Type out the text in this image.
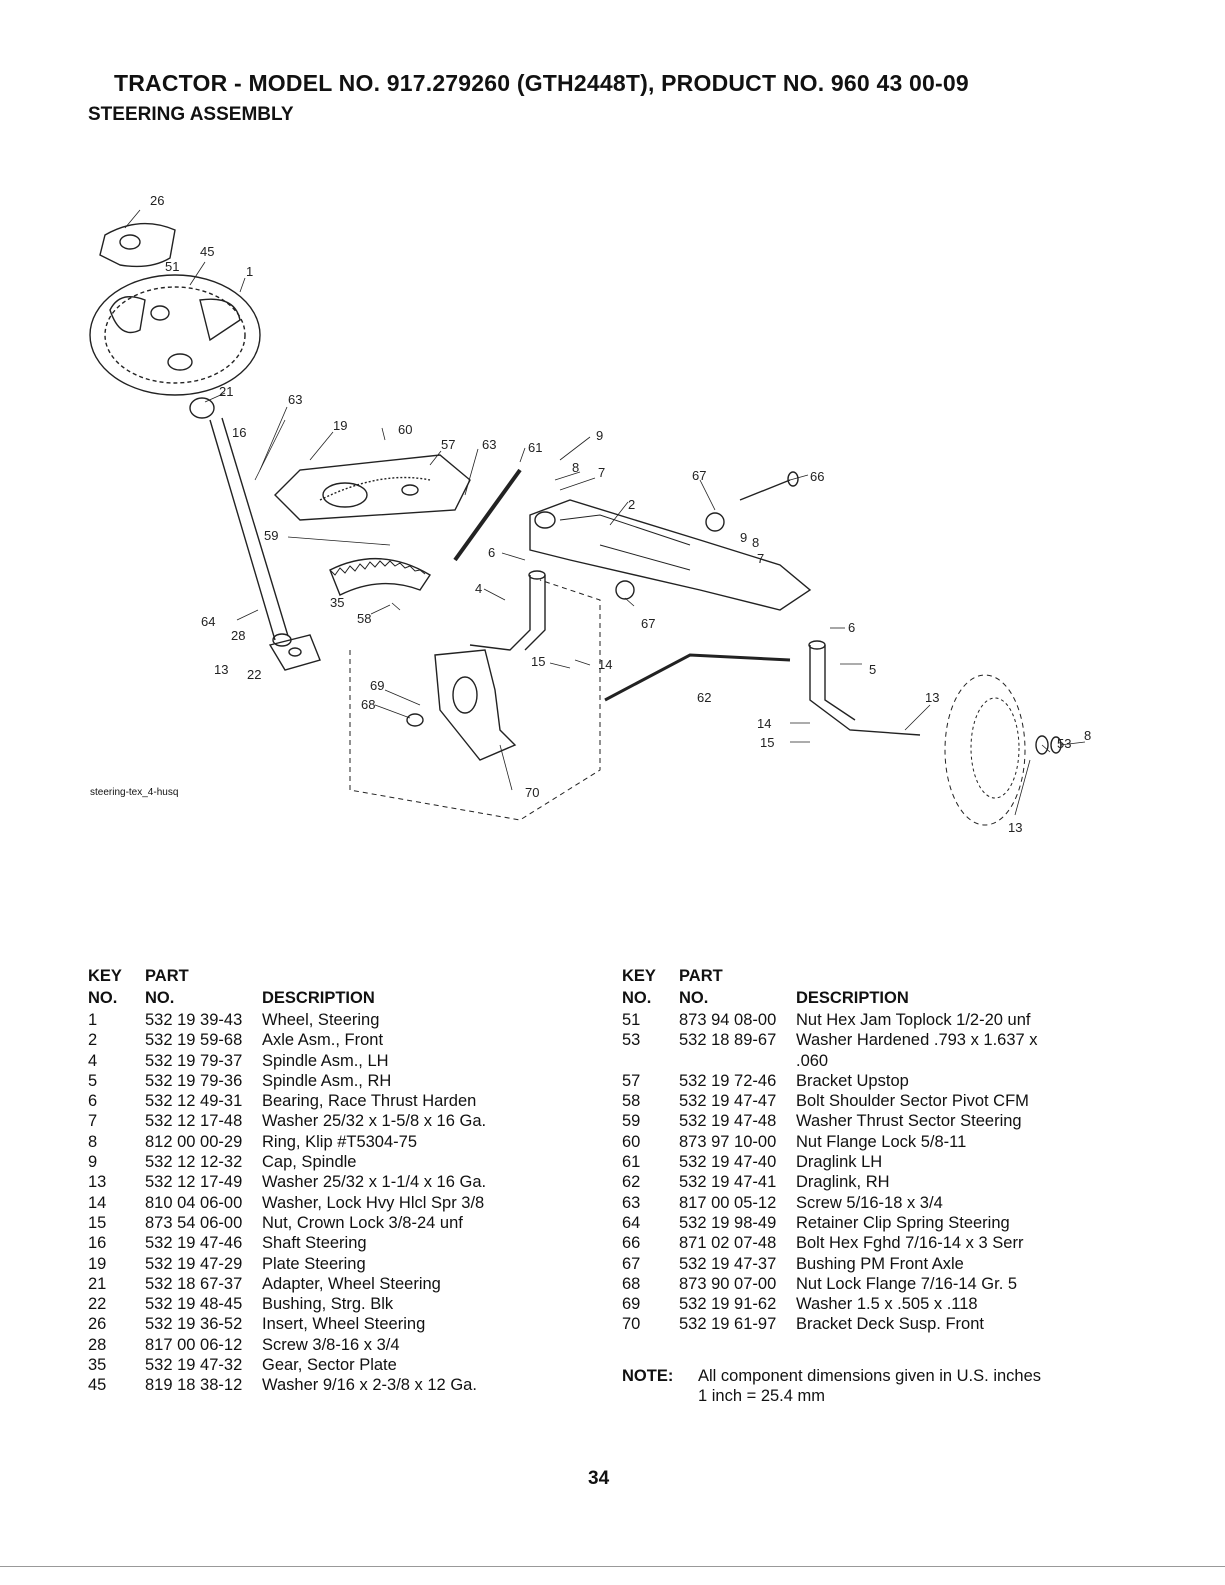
TRACTOR - MODEL NO. 917.279260 (GTH2448T), PRODUCT NO. 960 43 00-09
STEERING ASSEMBLY
26
45
51	1
21
63
16	19	60
57 63 61
9
8 7	67	66
2
9 8
7
59
6
4
67	6
35
58
64
28
13 22
15	14	5
62
69
68
70
13
14
15	53
8
13
steering-tex_4-husq
KEY PART
NO. NO.	DESCRIPTION
1	532 19 39-43 Wheel, Steering
2	532 19 59-68 Axle Asm., Front
4	532 19 79-37 Spindle Asm., LH
5	532 19 79-36 Spindle Asm., RH
6	532 12 49-31 Bearing, Race Thrust Harden
7	532 12 17-48 Washer 25/32 x 1-5/8 x 16 Ga.
8	812 00 00-29 Ring, Klip #T5304-75
9	532 12 12-32 Cap, Spindle
13 532 12 17-49 Washer 25/32 x 1-1/4 x 16 Ga.
14 810 04 06-00 Washer, Lock Hvy Hlcl Spr 3/8
15 873 54 06-00 Nut, Crown Lock 3/8-24 unf
16 532 19 47-46 Shaft Steering
19 532 19 47-29 Plate Steering
21 532 18 67-37 Adapter, Wheel Steering
22 532 19 48-45 Bushing, Strg. Blk
26 532 19 36-52 Insert, Wheel Steering
28 817 00 06-12 Screw 3/8-16 x 3/4
35 532 19 47-32 Gear, Sector Plate
45 819 18 38-12 Washer 9/16 x 2-3/8 x 12 Ga.
KEY PART
NO. NO.	DESCRIPTION
51 873 94 08-00 Nut Hex Jam Toplock 1/2-20 unf
53 532 18 89-67 Washer Hardened .793 x 1.637 x
.060
57 532 19 72-46 Bracket Upstop
58 532 19 47-47 Bolt Shoulder Sector Pivot CFM
59 532 19 47-48 Washer Thrust Sector Steering
60 873 97 10-00 Nut Flange Lock 5/8-11
61 532 19 47-40 Draglink LH
62 532 19 47-41 Draglink, RH
63 817 00 05-12 Screw 5/16-18 x 3/4
64 532 19 98-49 Retainer Clip Spring Steering
66 871 02 07-48 Bolt Hex Fghd 7/16-14 x 3 Serr
67 532 19 47-37 Bushing PM Front Axle
68 873 90 07-00 Nut Lock Flange 7/16-14 Gr. 5
69 532 19 91-62 Washer 1.5 x .505 x .118
70 532 19 61-97 Bracket Deck Susp. Front
NOTE: All component dimensions given in U.S. inches
1 inch = 25.4 mm
34
